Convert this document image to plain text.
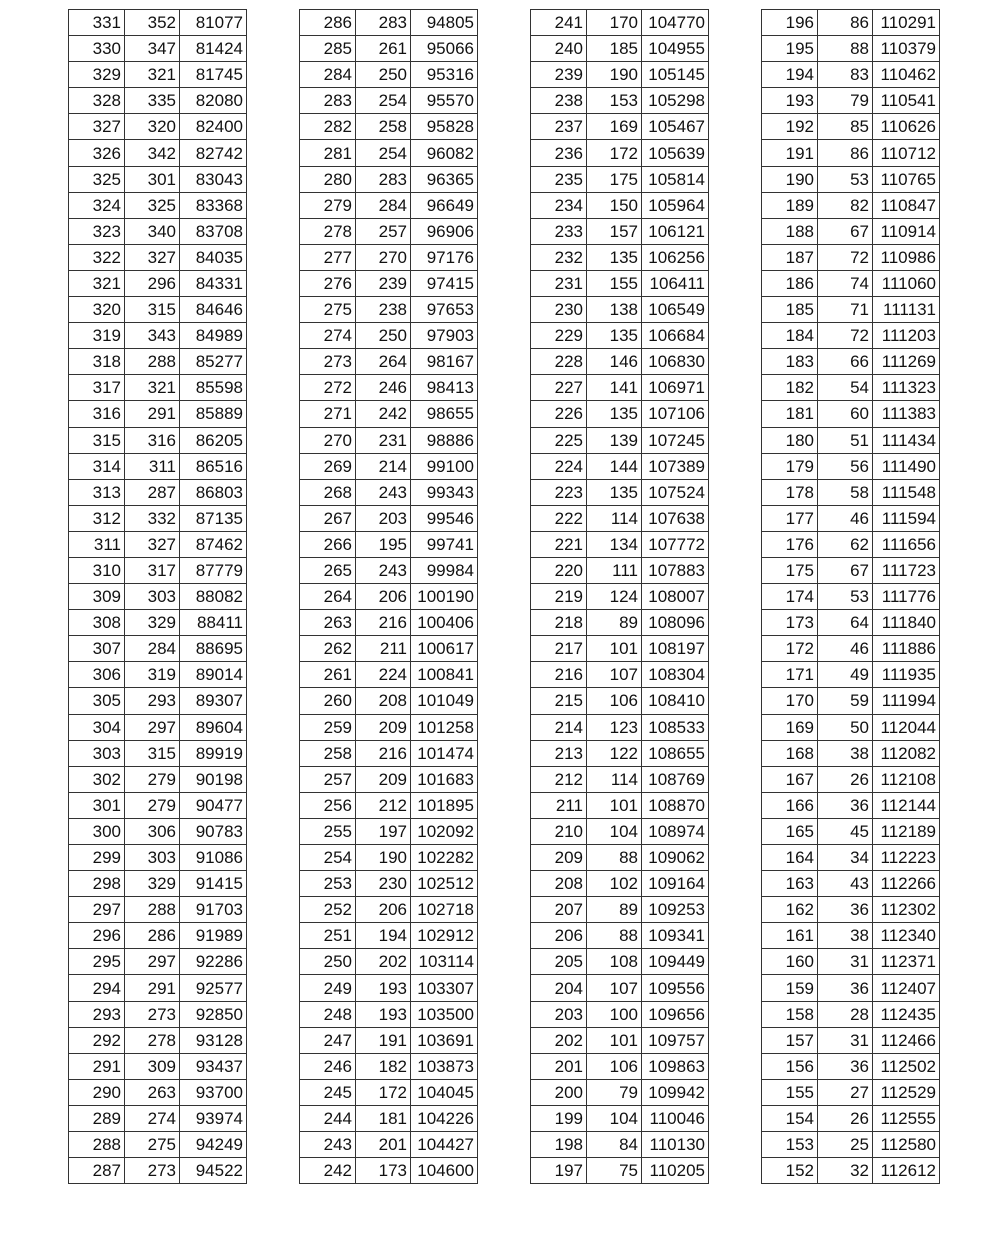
331	352	81077
330	347	81424
329	321	81745
328	335	82080
327	320	82400
326	342	82742
325	301	83043
324	325	83368
323	340	83708
322	327	84035
321	296	84331
320	315	84646
319	343	84989
318	288	85277
317	321	85598
316	291	85889
315	316	86205
314	311	86516
313	287	86803
312	332	87135
311	327	87462
310	317	87779
309	303	88082
308	329	88411
307	284	88695
306	319	89014
305	293	89307
304	297	89604
303	315	89919
302	279	90198
301	279	90477
300	306	90783
299	303	91086
298	329	91415
297	288	91703
296	286	91989
295	297	92286
294	291	92577
293	273	92850
292	278	93128
291	309	93437
290	263	93700
289	274	93974
288	275	94249
287	273	94522
286	283	94805
285	261	95066
284	250	95316
283	254	95570
282	258	95828
281	254	96082
280	283	96365
279	284	96649
278	257	96906
277	270	97176
276	239	97415
275	238	97653
274	250	97903
273	264	98167
272	246	98413
271	242	98655
270	231	98886
269	214	99100
268	243	99343
267	203	99546
266	195	99741
265	243	99984
264	206	100190
263	216	100406
262	211	100617
261	224	100841
260	208	101049
259	209	101258
258	216	101474
257	209	101683
256	212	101895
255	197	102092
254	190	102282
253	230	102512
252	206	102718
251	194	102912
250	202	103114
249	193	103307
248	193	103500
247	191	103691
246	182	103873
245	172	104045
244	181	104226
243	201	104427
242	173	104600
241	170	104770
240	185	104955
239	190	105145
238	153	105298
237	169	105467
236	172	105639
235	175	105814
234	150	105964
233	157	106121
232	135	106256
231	155	106411
230	138	106549
229	135	106684
228	146	106830
227	141	106971
226	135	107106
225	139	107245
224	144	107389
223	135	107524
222	114	107638
221	134	107772
220	111	107883
219	124	108007
218	89	108096
217	101	108197
216	107	108304
215	106	108410
214	123	108533
213	122	108655
212	114	108769
211	101	108870
210	104	108974
209	88	109062
208	102	109164
207	89	109253
206	88	109341
205	108	109449
204	107	109556
203	100	109656
202	101	109757
201	106	109863
200	79	109942
199	104	110046
198	84	110130
197	75	110205
196	86	110291
195	88	110379
194	83	110462
193	79	110541
192	85	110626
191	86	110712
190	53	110765
189	82	110847
188	67	110914
187	72	110986
186	74	111060
185	71	111131
184	72	111203
183	66	111269
182	54	111323
181	60	111383
180	51	111434
179	56	111490
178	58	111548
177	46	111594
176	62	111656
175	67	111723
174	53	111776
173	64	111840
172	46	111886
171	49	111935
170	59	111994
169	50	112044
168	38	112082
167	26	112108
166	36	112144
165	45	112189
164	34	112223
163	43	112266
162	36	112302
161	38	112340
160	31	112371
159	36	112407
158	28	112435
157	31	112466
156	36	112502
155	27	112529
154	26	112555
153	25	112580
152	32	112612
